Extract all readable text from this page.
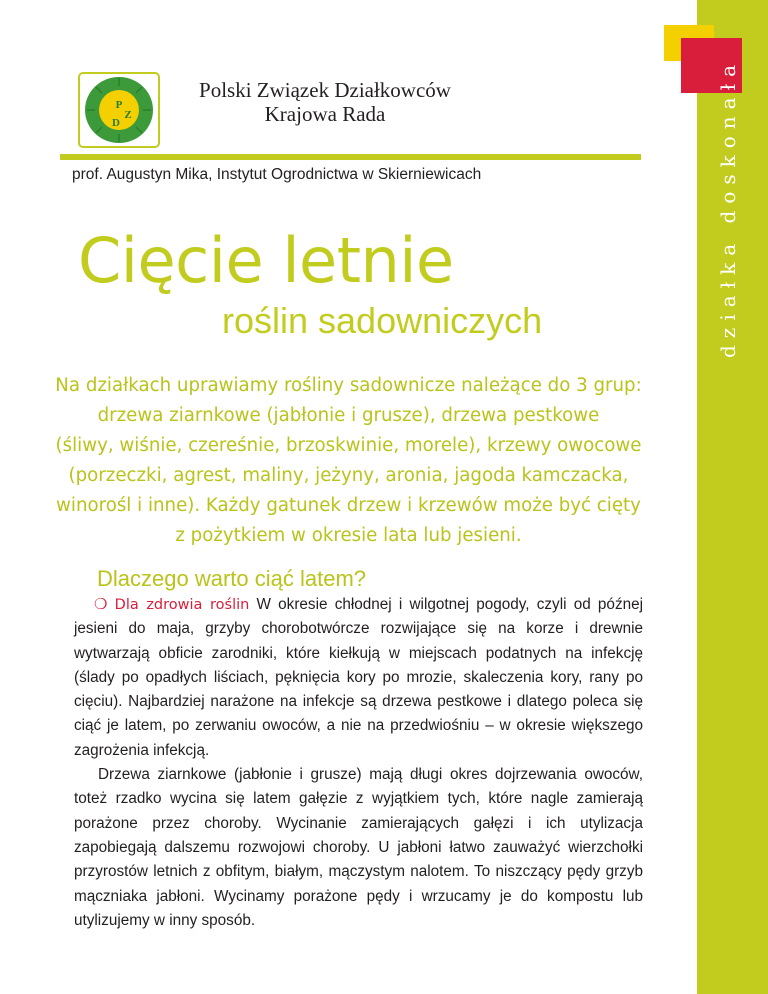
działka doskonała
P
Z
D
Polski Związek Działkowców
Krajowa Rada
prof. Augustyn Mika, Instytut Ogrodnictwa w Skierniewicach
Cięcie letnie
roślin sadowniczych

Na działkach uprawiamy rośliny sadownicze należące do 3 grup:

drzewa ziarnkowe (jabłonie i grusze), drzewa pestkowe

(śliwy, wiśnie, czereśnie, brzoskwinie, morele), krzewy owocowe

(porzeczki, agrest, maliny, jeżyny, aronia, jagoda kamczacka,

winorośl i inne). Każdy gatunek drzew i krzewów może być cięty

z pożytkiem w okresie lata lub jesieni.

Dlaczego warto ciąć latem?

❍ Dla zdrowia roślin W okresie chłodnej i wilgotnej pogody, czyli od późnej jesieni do maja, grzyby chorobotwórcze rozwijające się na korze i drewnie wytwarzają obficie zarodniki, które kiełkują w miejscach podatnych na infekcję (ślady po opadłych liściach, pęknięcia kory po mrozie, skaleczenia kory, rany po cięciu). Najbardziej narażone na infekcje są drzewa pestkowe i dlatego poleca się ciąć je latem, po zerwaniu owoców, a nie na przedwiośniu – w okresie większego zagrożenia infekcją.

Drzewa ziarnkowe (jabłonie i grusze) mają długi okres dojrzewania owoców, toteż rzadko wycina się latem gałęzie z wyjątkiem tych, które nagle zamierają porażone przez choroby. Wycinanie zamierających gałęzi i ich utylizacja zapobiegają dalszemu rozwojowi choroby. U jabłoni łatwo zauważyć wierzchołki przyrostów letnich z obfitym, białym, mączystym nalotem. To niszczący pędy grzyb mączniaka jabłoni. Wycinamy porażone pędy i wrzucamy je do kompostu lub utylizujemy w inny sposób.
